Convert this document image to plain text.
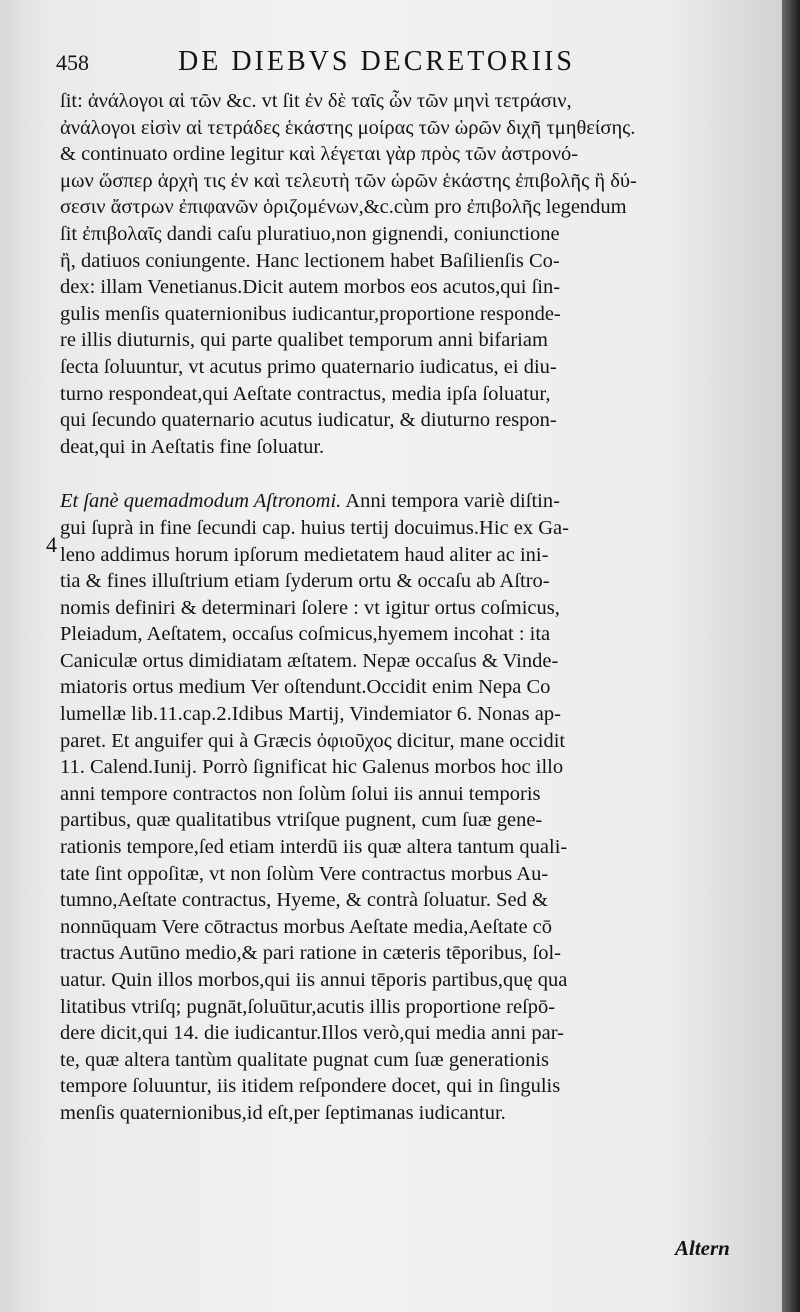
458	DE DIEBVS DECRETORIIS
ſit: ἀνάλογοι αἱ τῶν &c. vt ſit ἐν δὲ ταῖς ὧν τῶν μηνὶ τετράσιν,
ἀνάλογοι εἰσὶν αἱ τετράδες ἑκάστης μοίρας τῶν ὡρῶν διχῆ τμηθείσης.
& continuato ordine legitur καὶ λέγεται γὰρ πρὸς τῶν ἀστρονό-
μων ὥσπερ ἀρχὴ τις ἐν καὶ τελευτὴ τῶν ὡρῶν ἑκάστης ἐπιβολῆς ἢ δύ-
σεσιν ἄστρων ἐπιφανῶν ὁριζομένων,&c.cùm pro ἐπιβολῆς legendum
ſit ἐπιβολαῖς dandi caſu pluratiuo,non gignendi, coniunctione
ἢ, datiuos coniungente. Hanc lectionem habet Baſilienſis Co-
dex: illam Venetianus.Dicit autem morbos eos acutos,qui ſin-
gulis menſis quaternionibus iudicantur,proportione responde-
re illis diuturnis, qui parte qualibet temporum anni bifariam
ſecta ſoluuntur, vt acutus primo quaternario iudicatus, ei diu-
turno respondeat,qui Aeſtate contractus, media ipſa ſoluatur,
qui ſecundo quaternario acutus iudicatur, & diuturno respon-
deat,qui in Aeſtatis fine ſoluatur.
Et ſanè quemadmodum Aſtronomi. Anni tempora variè diſtin-
gui ſuprà in fine ſecundi cap. huius tertij docuimus.Hic ex Ga-
leno addimus horum ipſorum medietatem haud aliter ac ini-
tia & fines illuſtrium etiam ſyderum ortu & occaſu ab Aſtro-
nomis definiri & determinari ſolere : vt igitur ortus coſmicus,
Pleiadum, Aeſtatem, occaſus coſmicus,hyemem incohat : ita
Caniculæ ortus dimidiatam æſtatem. Nepæ occaſus & Vinde-
miatoris ortus medium Ver oſtendunt.Occidit enim Nepa Co
lumellæ lib.11.cap.2.Idibus Martij, Vindemiator 6. Nonas ap-
paret. Et anguifer qui à Græcis ὀφιοῦχος dicitur, mane occidit
11. Calend.Iunij. Porrò ſignificat hic Galenus morbos hoc illo
anni tempore contractos non ſolùm ſolui iis annui temporis
partibus, quæ qualitatibus vtriſque pugnent, cum ſuæ gene-
rationis tempore,ſed etiam interdū iis quæ altera tantum quali-
tate ſint oppoſitæ, vt non ſolùm Vere contractus morbus Au-
tumno,Aeſtate contractus, Hyeme, & contrà ſoluatur. Sed &
nonnūquam Vere cōtractus morbus Aeſtate media,Aeſtate cō
tractus Autūno medio,& pari ratione in cæteris tēporibus, ſol-
uatur. Quin illos morbos,qui iis annui tēporis partibus,quę qua
litatibus vtriſq; pugnāt,ſoluūtur,acutis illis proportione reſpō-
dere dicit,qui 14. die iudicantur.Illos verò,qui media anni par-
te, quæ altera tantùm qualitate pugnat cum ſuæ generationis
tempore ſoluuntur, iis itidem reſpondere docet, qui in ſingulis
menſis quaternionibus,id eſt,per ſeptimanas iudicantur.
4
Altern
